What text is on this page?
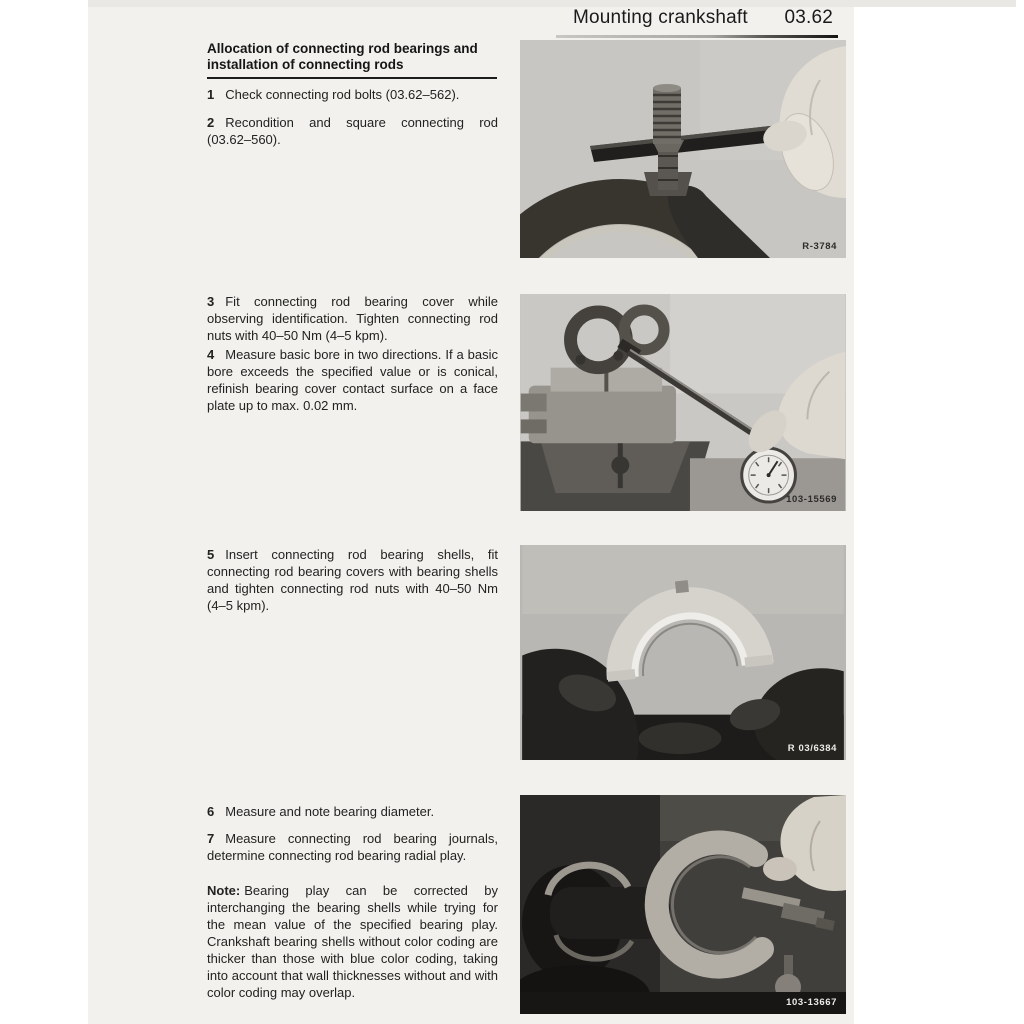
Mounting crankshaft 03.62
Allocation of connecting rod bearings and
installation of connecting rods

1 Check connecting rod bolts (03.62–562).

2 Recondition and square connecting rod (03.62–560).

3 Fit connecting rod bearing cover while observing identification. Tighten connecting rod nuts with 40–50 Nm (4–5 kpm).

4 Measure basic bore in two directions. If a basic bore exceeds the specified value or is conical, refinish bearing cover contact surface on a face plate up to max. 0.02 mm.

5 Insert connecting rod bearing shells, fit connecting rod bearing covers with bearing shells and tighten connecting rod nuts with 40–50 Nm (4–5 kpm).

6 Measure and note bearing diameter.

7 Measure connecting rod bearing journals, determine connecting rod bearing radial play.

Note: Bearing play can be corrected by interchanging the bearing shells while trying for the mean value of the specified bearing play. Crankshaft bearing shells without color coding are thicker than those with blue color coding, taking into account that wall thicknesses without and with color coding may overlap.

R-3784
103-15569
R 03/6384
103-13667
